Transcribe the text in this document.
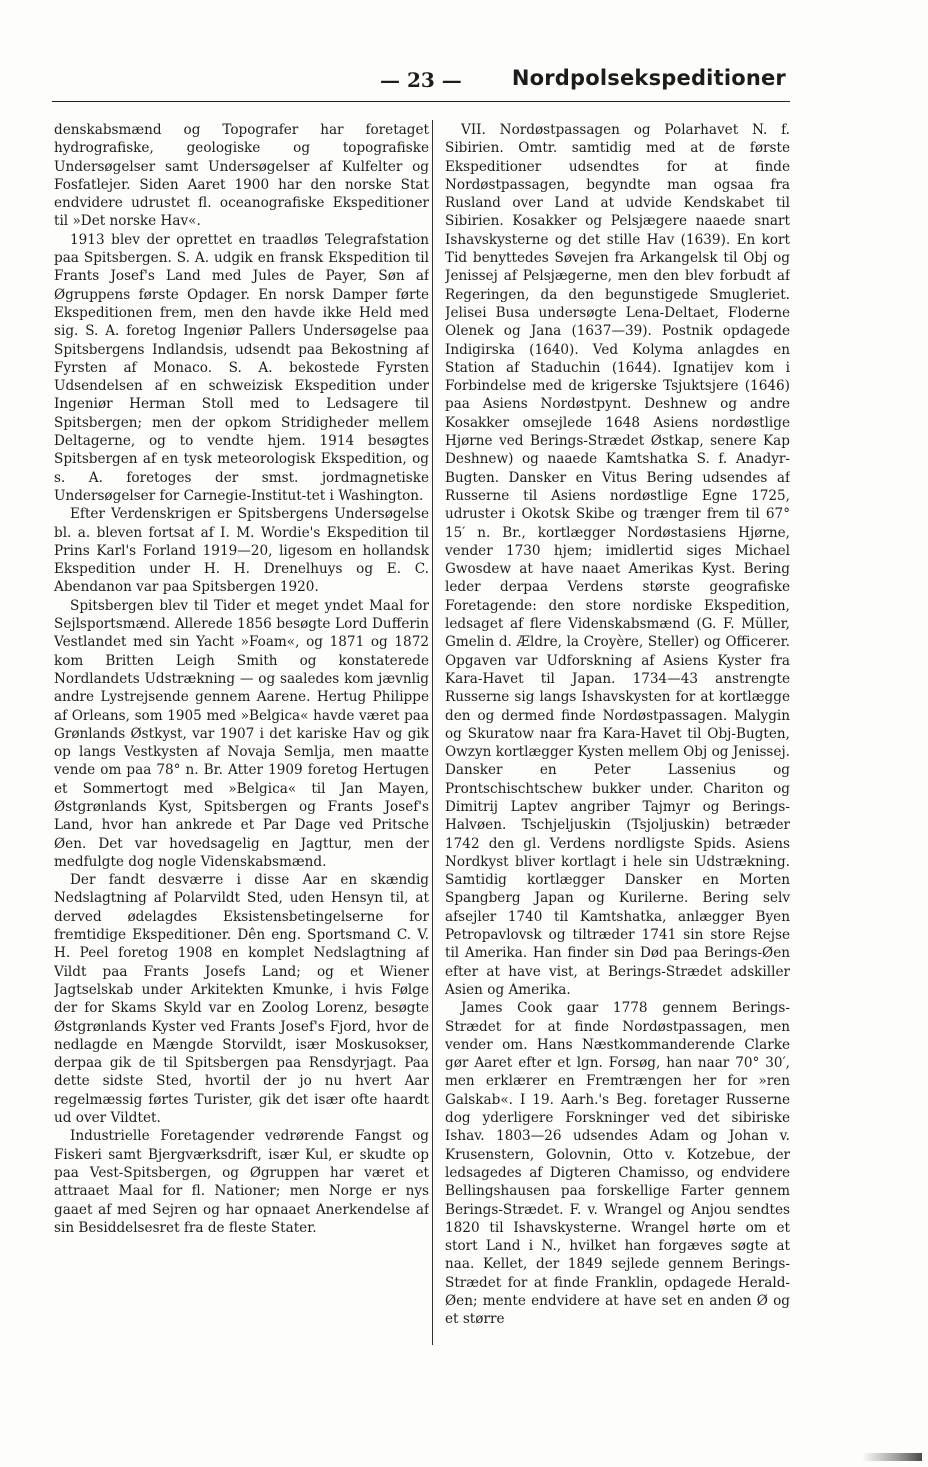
— 23 — Nordpolsekspeditioner

denskabsmænd og Topografer har foretaget hydrografiske, geologiske og topografiske Undersøgelser samt Undersøgelser af Kulfelter og Fosfatlejer. Siden Aaret 1900 har den norske Stat endvidere udrustet fl. oceanografiske Ekspeditioner til »Det norske Hav«.

1913 blev der oprettet en traadløs Telegrafstation paa Spitsbergen. S. A. udgik en fransk Ekspedition til Frants Josef's Land med Jules de Payer, Søn af Øgruppens første Opdager. En norsk Damper førte Ekspeditionen frem, men den havde ikke Held med sig. S. A. foretog Ingeniør Pallers Undersøgelse paa Spitsbergens Indlandsis, udsendt paa Bekostning af Fyrsten af Monaco. S. A. bekostede Fyrsten Udsendelsen af en schweizisk Ekspedition under Ingeniør Herman Stoll med to Ledsagere til Spitsbergen; men der opkom Stridigheder mellem Deltagerne, og to vendte hjem. 1914 besøgtes Spitsbergen af en tysk meteorologisk Ekspedition, og s. A. foretoges der smst. jordmagnetiske Undersøgelser for Carnegie-Institut-tet i Washington.

Efter Verdenskrigen er Spitsbergens Undersøgelse bl. a. bleven fortsat af I. M. Wordie's Ekspedition til Prins Karl's Forland 1919—20, ligesom en hollandsk Ekspedition under H. H. Drenelhuys og E. C. Abendanon var paa Spitsbergen 1920.

Spitsbergen blev til Tider et meget yndet Maal for Sejlsportsmænd. Allerede 1856 besøgte Lord Dufferin Vestlandet med sin Yacht »Foam«, og 1871 og 1872 kom Britten Leigh Smith og konstaterede Nordlandets Udstrækning — og saaledes kom jævnlig andre Lystrejsende gennem Aarene. Hertug Philippe af Orleans, som 1905 med »Belgica« havde været paa Grønlands Østkyst, var 1907 i det kariske Hav og gik op langs Vestkysten af Novaja Semlja, men maatte vende om paa 78° n. Br. Atter 1909 foretog Hertugen et Sommertogt med »Belgica« til Jan Mayen, Østgrønlands Kyst, Spitsbergen og Frants Josef's Land, hvor han ankrede et Par Dage ved Pritsche Øen. Det var hovedsagelig en Jagttur, men der medfulgte dog nogle Videnskabsmænd.

Der fandt desværre i disse Aar en skændig Nedslagtning af Polarvildt Sted, uden Hensyn til, at derved ødelagdes Eksistensbetingelserne for fremtidige Ekspeditioner. Dên eng. Sportsmand C. V. H. Peel foretog 1908 en komplet Nedslagtning af Vildt paa Frants Josefs Land; og et Wiener Jagtselskab under Arkitekten Kmunke, i hvis Følge der for Skams Skyld var en Zoolog Lorenz, besøgte Østgrønlands Kyster ved Frants Josef's Fjord, hvor de nedlagde en Mængde Storvildt, især Moskusokser, derpaa gik de til Spitsbergen paa Rensdyrjagt. Paa dette sidste Sted, hvortil der jo nu hvert Aar regelmæssig førtes Turister, gik det især ofte haardt ud over Vildtet.

Industrielle Foretagender vedrørende Fangst og Fiskeri samt Bjergværksdrift, især Kul, er skudte op paa Vest-Spitsbergen, og Øgruppen har været et attraaet Maal for fl. Nationer; men Norge er nys gaaet af med Sejren og har opnaaet Anerkendelse af sin Besiddelsesret fra de fleste Stater.

VII. Nordøstpassagen og Polarhavet N. f. Sibirien. Omtr. samtidig med at de første Ekspeditioner udsendtes for at finde Nordøstpassagen, begyndte man ogsaa fra Rusland over Land at udvide Kendskabet til Sibirien. Kosakker og Pelsjægere naaede snart Ishavskysterne og det stille Hav (1639). En kort Tid benyttedes Søvejen fra Arkangelsk til Obj og Jenissej af Pelsjægerne, men den blev forbudt af Regeringen, da den begunstigede Smugleriet. Jelisei Busa undersøgte Lena-Deltaet, Floderne Olenek og Jana (1637—39). Postnik opdagede Indigirska (1640). Ved Kolyma anlagdes en Station af Staduchin (1644). Ignatijev kom i Forbindelse med de krigerske Tsjuktsjere (1646) paa Asiens Nordøstpynt. Deshnew og andre Kosakker omsejlede 1648 Asiens nordøstlige Hjørne ved Berings-Strædet Østkap, senere Kap Deshnew) og naaede Kamtshatka S. f. Anadyr-Bugten. Dansker en Vitus Bering udsendes af Russerne til Asiens nordøstlige Egne 1725, udruster i Okotsk Skibe og trænger frem til 67° 15′ n. Br., kortlægger Nordøstasiens Hjørne, vender 1730 hjem; imidlertid siges Michael Gwosdew at have naaet Amerikas Kyst. Bering leder derpaa Verdens største geografiske Foretagende: den store nordiske Ekspedition, ledsaget af flere Videnskabsmænd (G. F. Müller, Gmelin d. Ældre, la Croyère, Steller) og Officerer. Opgaven var Udforskning af Asiens Kyster fra Kara-Havet til Japan. 1734—43 anstrengte Russerne sig langs Ishavskysten for at kortlægge den og dermed finde Nordøstpassagen. Malygin og Skuratow naar fra Kara-Havet til Obj-Bugten, Owzyn kortlægger Kysten mellem Obj og Jenissej. Dansker en Peter Lassenius og Prontschischtschew bukker under. Chariton og Dimitrij Laptev angriber Tajmyr og Berings-Halvøen. Tschjeljuskin (Tsjoljuskin) betræder 1742 den gl. Verdens nordligste Spids. Asiens Nordkyst bliver kortlagt i hele sin Udstrækning. Samtidig kortlægger Dansker en Morten Spangberg Japan og Kurilerne. Bering selv afsejler 1740 til Kamtshatka, anlægger Byen Petropavlovsk og tiltræder 1741 sin store Rejse til Amerika. Han finder sin Død paa Berings-Øen efter at have vist, at Berings-Strædet adskiller Asien og Amerika.

James Cook gaar 1778 gennem Berings-Strædet for at finde Nordøstpassagen, men vender om. Hans Næstkommanderende Clarke gør Aaret efter et lgn. Forsøg, han naar 70° 30′, men erklærer en Fremtrængen her for »ren Galskab«. I 19. Aarh.'s Beg. foretager Russerne dog yderligere Forskninger ved det sibiriske Ishav. 1803—26 udsendes Adam og Johan v. Krusenstern, Golovnin, Otto v. Kotzebue, der ledsagedes af Digteren Chamisso, og endvidere Bellingshausen paa forskellige Farter gennem Berings-Strædet. F. v. Wrangel og Anjou sendtes 1820 til Ishavskysterne. Wrangel hørte om et stort Land i N., hvilket han forgæves søgte at naa. Kellet, der 1849 sejlede gennem Berings-Strædet for at finde Franklin, opdagede Herald-Øen; mente endvidere at have set en anden Ø og et større
